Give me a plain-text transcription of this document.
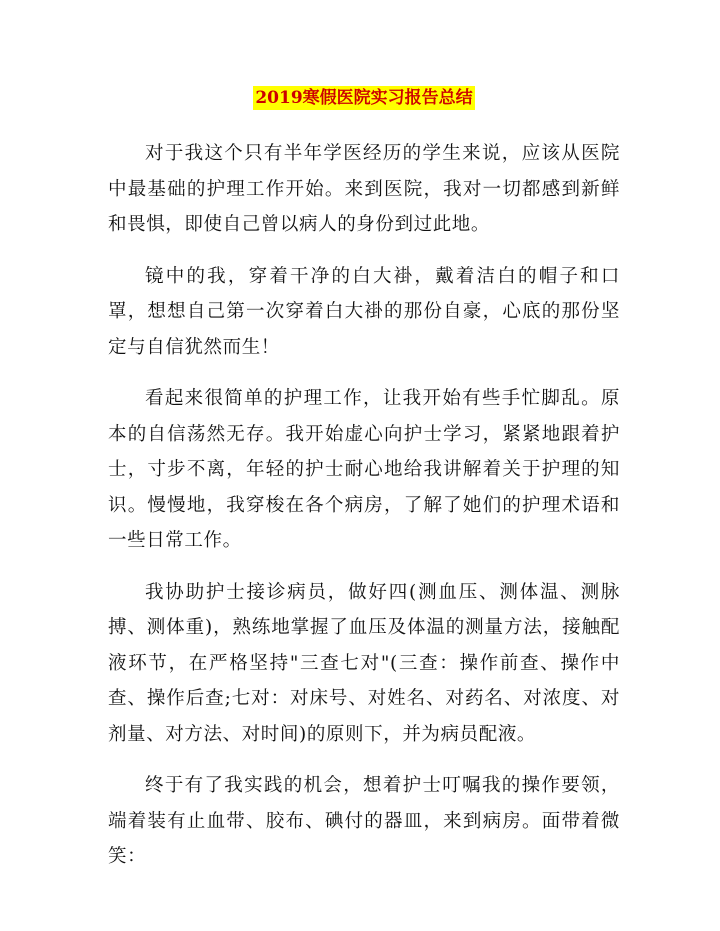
2019寒假医院实习报告总结

对于我这个只有半年学医经历的学生来说，应该从医院中最基础的护理工作开始。来到医院，我对一切都感到新鲜和畏惧，即使自己曾以病人的身份到过此地。

镜中的我，穿着干净的白大褂，戴着洁白的帽子和口罩，想想自己第一次穿着白大褂的那份自豪，心底的那份坚定与自信犹然而生！

看起来很简单的护理工作，让我开始有些手忙脚乱。原本的自信荡然无存。我开始虚心向护士学习，紧紧地跟着护士，寸步不离，年轻的护士耐心地给我讲解着关于护理的知识。慢慢地，我穿梭在各个病房，了解了她们的护理术语和一些日常工作。

我协助护士接诊病员，做好四(测血压、测体温、测脉搏、测体重)，熟练地掌握了血压及体温的测量方法，接触配液环节，在严格坚持"三查七对"(三查：操作前查、操作中查、操作后查;七对：对床号、对姓名、对药名、对浓度、对剂量、对方法、对时间)的原则下，并为病员配液。

终于有了我实践的机会，想着护士叮嘱我的操作要领，端着装有止血带、胶布、碘付的器皿，来到病房。面带着微笑：
